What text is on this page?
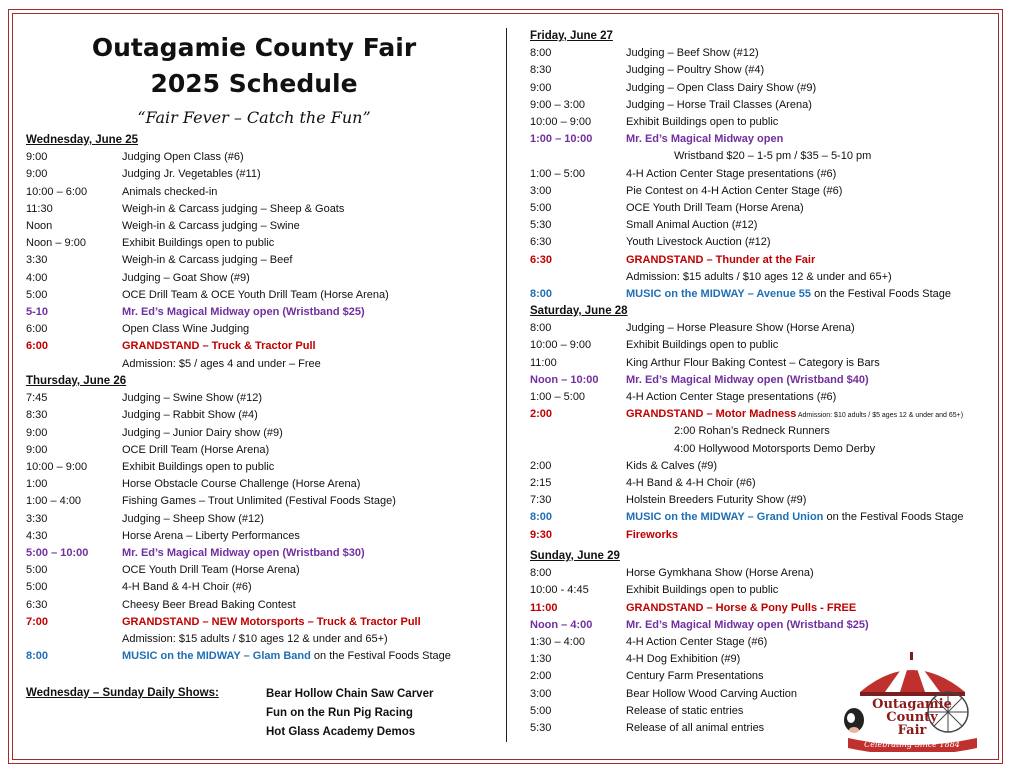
Outagamie County Fair
2025 Schedule
“Fair Fever – Catch the Fun”
Wednesday, June 25
9:00	Judging Open Class (#6)
9:00	Judging Jr. Vegetables (#11)
10:00 – 6:00	Animals checked-in
11:30	Weigh-in & Carcass judging – Sheep & Goats
Noon	Weigh-in & Carcass judging – Swine
Noon – 9:00	Exhibit Buildings open to public
3:30	Weigh-in & Carcass judging – Beef
4:00	Judging – Goat Show (#9)
5:00	OCE Drill Team & OCE Youth Drill Team (Horse Arena)
5-10	Mr. Ed’s Magical Midway open (Wristband $25)
6:00	Open Class Wine Judging
6:00	GRANDSTAND – Truck & Tractor Pull
Admission: $5 / ages 4 and under – Free
Thursday, June 26
7:45	Judging – Swine Show (#12)
8:30	Judging – Rabbit Show (#4)
9:00	Judging – Junior Dairy show (#9)
9:00	OCE Drill Team (Horse Arena)
10:00 – 9:00	Exhibit Buildings open to public
1:00	Horse Obstacle Course Challenge (Horse Arena)
1:00 – 4:00	Fishing Games – Trout Unlimited (Festival Foods Stage)
3:30	Judging – Sheep Show (#12)
4:30	Horse Arena – Liberty Performances
5:00 – 10:00	Mr. Ed’s Magical Midway open (Wristband $30)
5:00	OCE Youth Drill Team (Horse Arena)
5:00	4-H Band & 4-H Choir (#6)
6:30	Cheesy Beer Bread Baking Contest
7:00	GRANDSTAND – NEW Motorsports – Truck & Tractor Pull
Admission: $15 adults / $10 ages 12 & under and 65+)
8:00	MUSIC on the MIDWAY – Glam Band on the Festival Foods Stage
Friday, June 27
8:00	Judging – Beef Show (#12)
8:30	Judging – Poultry Show (#4)
9:00	Judging – Open Class Dairy Show (#9)
9:00 – 3:00	Judging – Horse Trail Classes (Arena)
10:00 – 9:00	Exhibit Buildings open to public
1:00 – 10:00	Mr. Ed’s Magical Midway open
Wristband $20 – 1-5 pm / $35 – 5-10 pm
1:00 – 5:00	4-H Action Center Stage presentations (#6)
3:00	Pie Contest on 4-H Action Center Stage (#6)
5:00	OCE Youth Drill Team (Horse Arena)
5:30	Small Animal Auction (#12)
6:30	Youth Livestock Auction (#12)
6:30	GRANDSTAND – Thunder at the Fair
Admission: $15 adults / $10 ages 12 & under and 65+)
8:00	MUSIC on the MIDWAY – Avenue 55 on the Festival Foods Stage
Saturday, June 28
8:00	Judging – Horse Pleasure Show (Horse Arena)
10:00 – 9:00	Exhibit Buildings open to public
11:00	King Arthur Flour Baking Contest – Category is Bars
Noon – 10:00	Mr. Ed’s Magical Midway open (Wristband $40)
1:00 – 5:00	4-H Action Center Stage presentations (#6)
2:00	GRANDSTAND – Motor Madness Admission: $10 adults / $5 ages 12 & under and 65+)
2:00 Rohan’s Redneck Runners
4:00 Hollywood Motorsports Demo Derby
2:00	Kids & Calves (#9)
2:15	4-H Band & 4-H Choir (#6)
7:30	Holstein Breeders Futurity Show (#9)
8:00	MUSIC on the MIDWAY – Grand Union on the Festival Foods Stage
9:30	Fireworks
Sunday, June 29
8:00	Horse Gymkhana Show (Horse Arena)
10:00 - 4:45	Exhibit Buildings open to public
11:00	GRANDSTAND – Horse & Pony Pulls - FREE
Noon – 4:00	Mr. Ed’s Magical Midway open (Wristband $25)
1:30 – 4:00	4-H Action Center Stage (#6)
1:30	4-H Dog Exhibition (#9)
2:00	Century Farm Presentations
3:00	Bear Hollow Wood Carving Auction
5:00	Release of static entries
5:30	Release of all animal entries
Wednesday – Sunday Daily Shows:	Bear Hollow Chain Saw Carver
Fun on the Run Pig Racing
Hot Glass Academy Demos
Outagamie
County
Fair
Celebrating Since 1884
